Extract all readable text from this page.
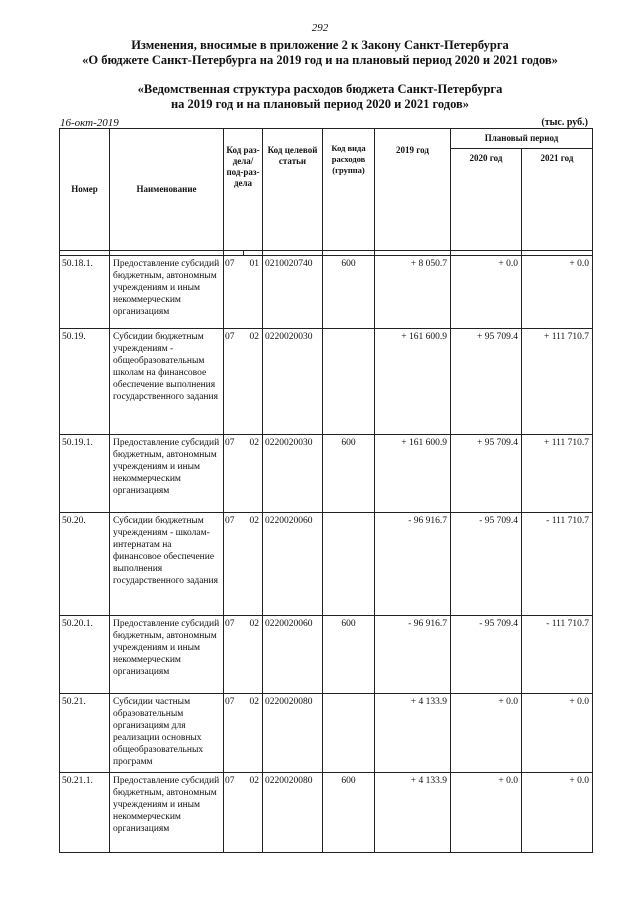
292
Изменения, вносимые в приложение 2 к Закону Санкт-Петербурга
«О бюджете Санкт-Петербурга на 2019 год и на плановый период 2020 и 2021 годов»
«Ведомственная структура расходов бюджета Санкт-Петербурга
на 2019 год и на плановый период 2020 и 2021 годов»
16-окт-2019	(тыс. руб.)
Номер	Наименование	Код раз-дела/ под-раз-дела		Код целевой статьи	Код вида расходов (группа)	2019 год	Плановый период	
							2020 год	2021 год

50.18.1.	Предоставление субсидий бюджетным, автономным учреждениям и иным некоммерческим организациям	07	01	0210020740	600	+ 8 050.7	+ 0.0	+ 0.0
50.19.	Субсидии бюджетным учреждениям - общеобразовательным школам на финансовое обеспечение выполнения государственного задания	07	02	0220020030		+ 161 600.9	+ 95 709.4	+ 111 710.7
50.19.1.	Предоставление субсидий бюджетным, автономным учреждениям и иным некоммерческим организациям	07	02	0220020030	600	+ 161 600.9	+ 95 709.4	+ 111 710.7
50.20.	Субсидии бюджетным учреждениям - школам-интернатам на финансовое обеспечение выполнения государственного задания	07	02	0220020060		- 96 916.7	- 95 709.4	- 111 710.7
50.20.1.	Предоставление субсидий бюджетным, автономным учреждениям и иным некоммерческим организациям	07	02	0220020060	600	- 96 916.7	- 95 709.4	- 111 710.7
50.21.	Субсидии частным образовательным организациям для реализации основных общеобразовательных программ	07	02	0220020080		+ 4 133.9	+ 0.0	+ 0.0
50.21.1.	Предоставление субсидий бюджетным, автономным учреждениям и иным некоммерческим организациям	07	02	0220020080	600	+ 4 133.9	+ 0.0	+ 0.0
